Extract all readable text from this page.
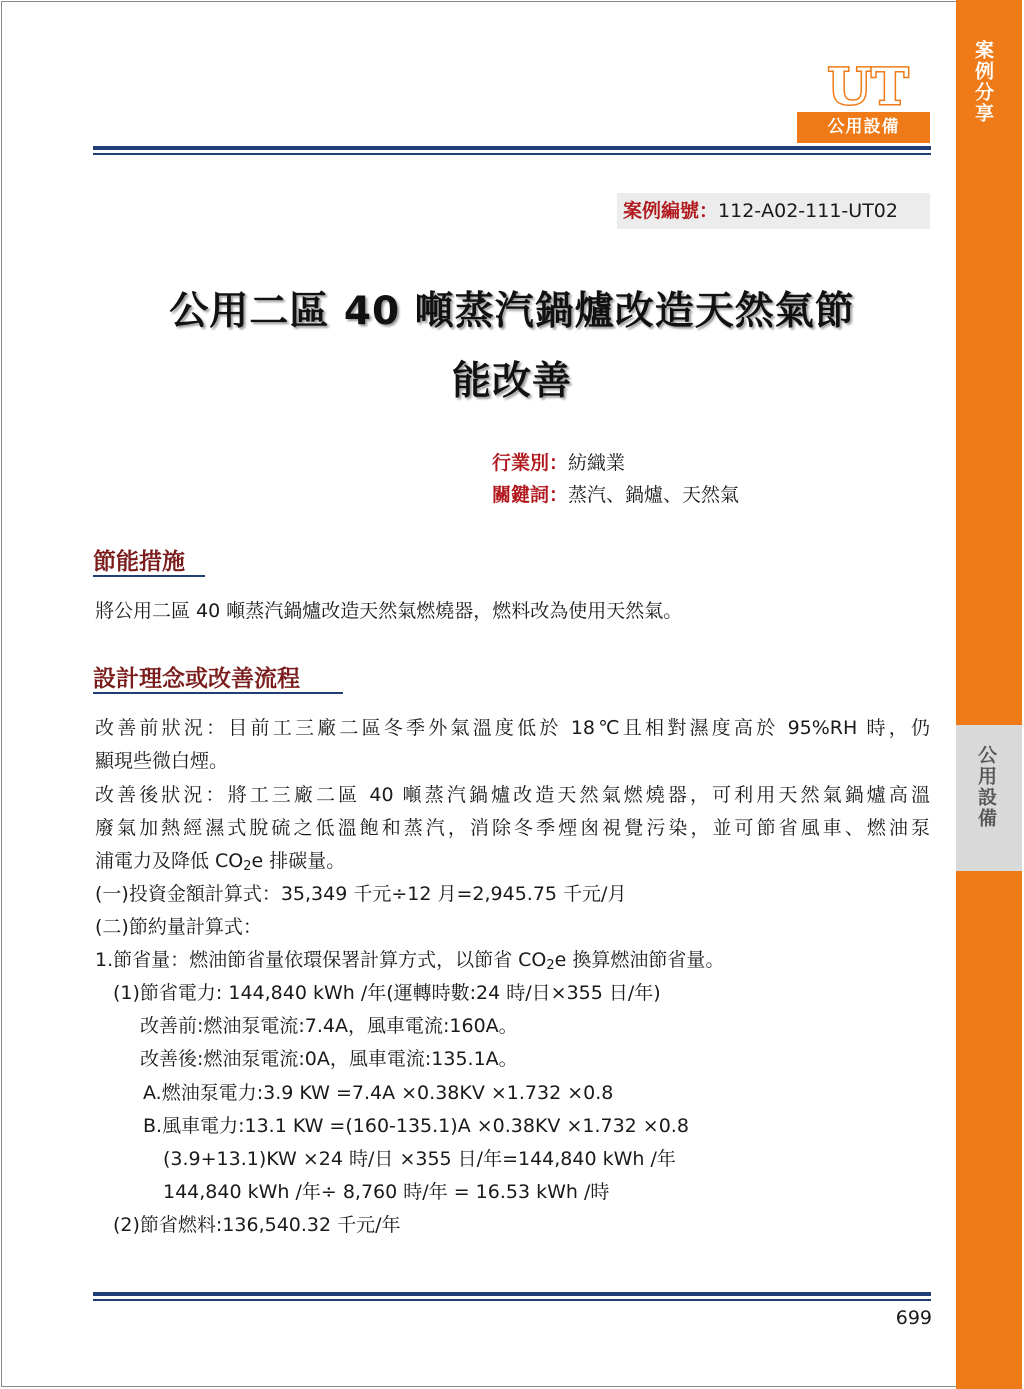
案例分享
公用設備
UT
公用設備
案例編號：112-A02-111-UT02
公用二區 40 噸蒸汽鍋爐改造天然氣節
能改善
行業別：紡織業
關鍵詞：蒸汽、鍋爐、天然氣
節能措施
將公用二區 40 噸蒸汽鍋爐改造天然氣燃燒器，燃料改為使用天然氣。
設計理念或改善流程
改善前狀況：目前工三廠二區冬季外氣溫度低於 18℃且相對濕度高於 95%RH 時，仍
顯現些微白煙。
改善後狀況：將工三廠二區 40 噸蒸汽鍋爐改造天然氣燃燒器，可利用天然氣鍋爐高溫
廢氣加熱經濕式脫硫之低溫飽和蒸汽，消除冬季煙囪視覺污染，並可節省風車、燃油泵
浦電力及降低 $CO_2e$ 排碳量。
(一)投資金額計算式：35,349 千元÷12 月=2,945.75 千元/月
(二)節約量計算式：
1.節省量：燃油節省量依環保署計算方式，以節省 $CO_2e$ 換算燃油節省量。
(1)節省電力: 144,840 kWh /年(運轉時數:24 時/日×355 日/年)
改善前:燃油泵電流:7.4A，風車電流:160A。
改善後:燃油泵電流:0A，風車電流:135.1A。
A.燃油泵電力:3.9 KW =7.4A ×0.38KV ×1.732 ×0.8
B.風車電力:13.1 KW =(160-135.1)A ×0.38KV ×1.732 ×0.8
(3.9+13.1)KW ×24 時/日 ×355 日/年=144,840 kWh /年
144,840 kWh /年÷ 8,760 時/年 = 16.53 kWh /時
(2)節省燃料:136,540.32 千元/年
699
